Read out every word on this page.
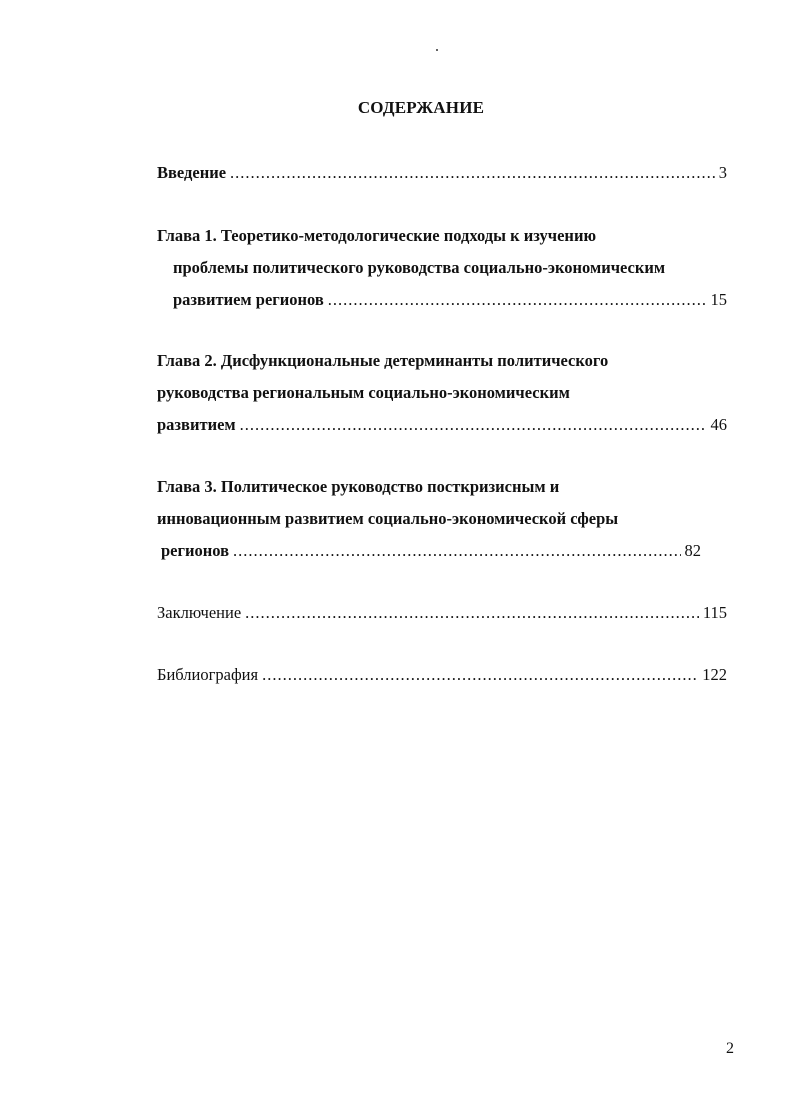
СОДЕРЖАНИЕ
Введение .....	3
Глава 1. Теоретико-методологические подходы к изучению
проблемы политического руководства социально-экономическим
развитием регионов .....	15
Глава 2. Дисфункциональные детерминанты политического
руководства региональным социально-экономическим
развитием .....	46
Глава 3. Политическое руководство посткризисным и
инновационным развитием социально-экономической сферы
регионов .....	82
Заключение .....	115
Библиография .....	122
2
